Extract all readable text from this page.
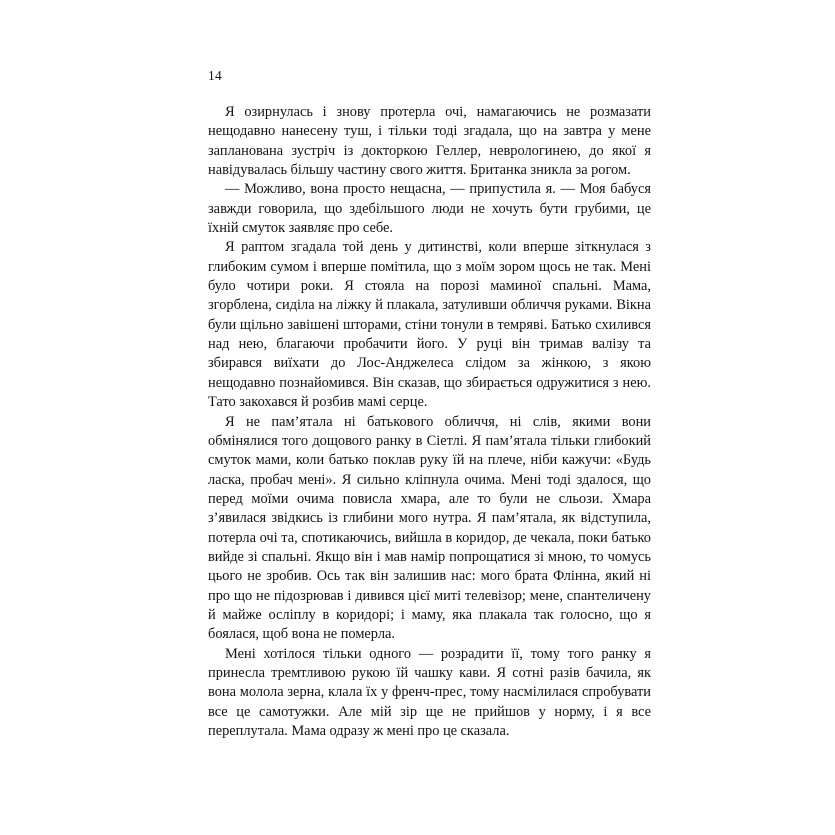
14

Я озирнулась і знову протерла очі, намагаючись не розмазати нещодавно нанесену туш, і тільки тоді згадала, що на завтра у мене запланована зустріч із докторкою Геллер, неврологинею, до якої я навідувалась більшу частину свого життя. Британка зникла за рогом.

— Можливо, вона просто нещасна, — припустила я. — Моя бабуся завжди говорила, що здебільшого люди не хочуть бути грубими, це їхній смуток заявляє про себе.

Я раптом згадала той день у дитинстві, коли вперше зіткнулася з глибоким сумом і вперше помітила, що з моїм зором щось не так. Мені було чотири роки. Я стояла на порозі маминої спальні. Мама, згорблена, сиділа на ліжку й плакала, затуливши обличчя руками. Вікна були щільно завішені шторами, стіни тонули в темряві. Батько схилився над нею, благаючи пробачити його. У руці він тримав валізу та збирався виїхати до Лос-Анджелеса слідом за жінкою, з якою нещодавно познайомився. Він сказав, що збирається одружитися з нею. Тато закохався й розбив мамі серце.

Я не пам’ятала ні батькового обличчя, ні слів, якими вони обмінялися того дощового ранку в Сіетлі. Я пам’ятала тільки глибокий смуток мами, коли батько поклав руку їй на плече, ніби кажучи: «Будь ласка, пробач мені». Я сильно кліпнула очима. Мені тоді здалося, що перед моїми очима повисла хмара, але то були не сльози. Хмара з’явилася звідкись із глибини мого нутра. Я пам’ятала, як відступила, потерла очі та, спотикаючись, вийшла в коридор, де чекала, поки батько вийде зі спальні. Якщо він і мав намір попрощатися зі мною, то чомусь цього не зробив. Ось так він залишив нас: мого брата Флінна, який ні про що не підозрював і дивився цієї миті телевізор; мене, спантеличену й майже осліплу в коридорі; і маму, яка плакала так голосно, що я боялася, щоб вона не померла.

Мені хотілося тільки одного — розрадити її, тому того ранку я принесла тремтливою рукою їй чашку кави. Я сотні разів бачила, як вона молола зерна, клала їх у френч-прес, тому насмілилася спробувати все це самотужки. Але мій зір ще не прийшов у норму, і я все переплутала. Мама одразу ж мені про це сказала.
